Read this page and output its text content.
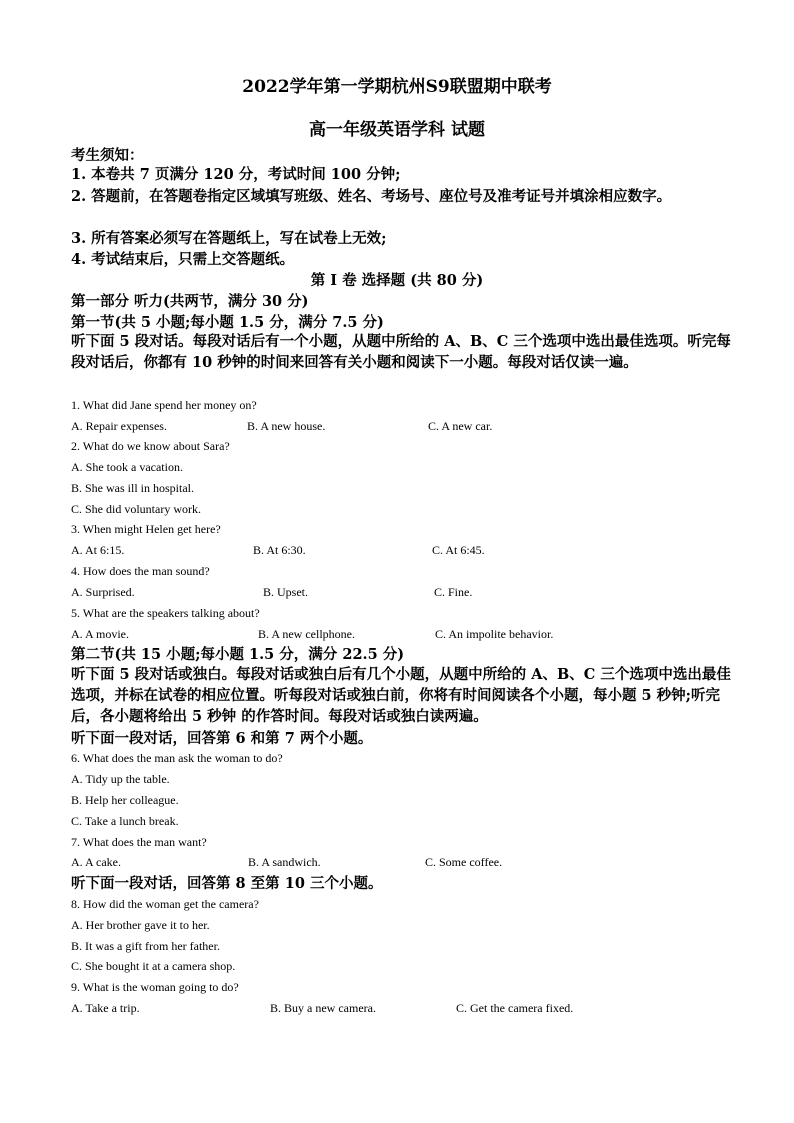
2022学年第一学期杭州S9联盟期中联考
高一年级英语学科 试题
考生须知：
1. 本卷共 7 页满分 120 分，考试时间 100 分钟;
2. 答题前，在答题卷指定区域填写班级、姓名、考场号、座位号及准考证号并填涂相应数字。
3. 所有答案必须写在答题纸上，写在试卷上无效;
4. 考试结束后，只需上交答题纸。
第 I 卷 选择题 (共 80 分)
第一部分 听力(共两节，满分 30 分)
第一节(共 5 小题;每小题 1.5 分，满分 7.5 分)
听下面 5 段对话。每段对话后有一个小题，从题中所给的 A、B、C 三个选项中选出最佳选项。听完每段对话后，你都有 10 秒钟的时间来回答有关小题和阅读下一小题。每段对话仅读一遍。
1. What did Jane spend her money on?
A. Repair expenses.	B. A new house.	C. A new car.
2. What do we know about Sara?
A. She took a vacation.
B. She was ill in hospital.
C. She did voluntary work.
3. When might Helen get here?
A. At 6:15.	B. At 6:30.	C. At 6:45.
4. How does the man sound?
A. Surprised.	B. Upset.	C. Fine.
5. What are the speakers talking about?
A. A movie.	B. A new cellphone.	C. An impolite behavior.
第二节(共 15 小题;每小题 1.5 分，满分 22.5 分)
听下面 5 段对话或独白。每段对话或独白后有几个小题，从题中所给的 A、B、C 三个选项中选出最佳选项，并标在试卷的相应位置。听每段对话或独白前，你将有时间阅读各个小题，每小题 5 秒钟;听完后，各小题将给出 5 秒钟 的作答时间。每段对话或独白读两遍。
听下面一段对话，回答第 6 和第 7 两个小题。
6. What does the man ask the woman to do?
A. Tidy up the table.
B. Help her colleague.
C. Take a lunch break.
7. What does the man want?
A. A cake.	B. A sandwich.	C. Some coffee.
听下面一段对话，回答第 8 至第 10 三个小题。
8. How did the woman get the camera?
A. Her brother gave it to her.
B. It was a gift from her father.
C. She bought it at a camera shop.
9. What is the woman going to do?
A. Take a trip.	B. Buy a new camera.	C. Get the camera fixed.
